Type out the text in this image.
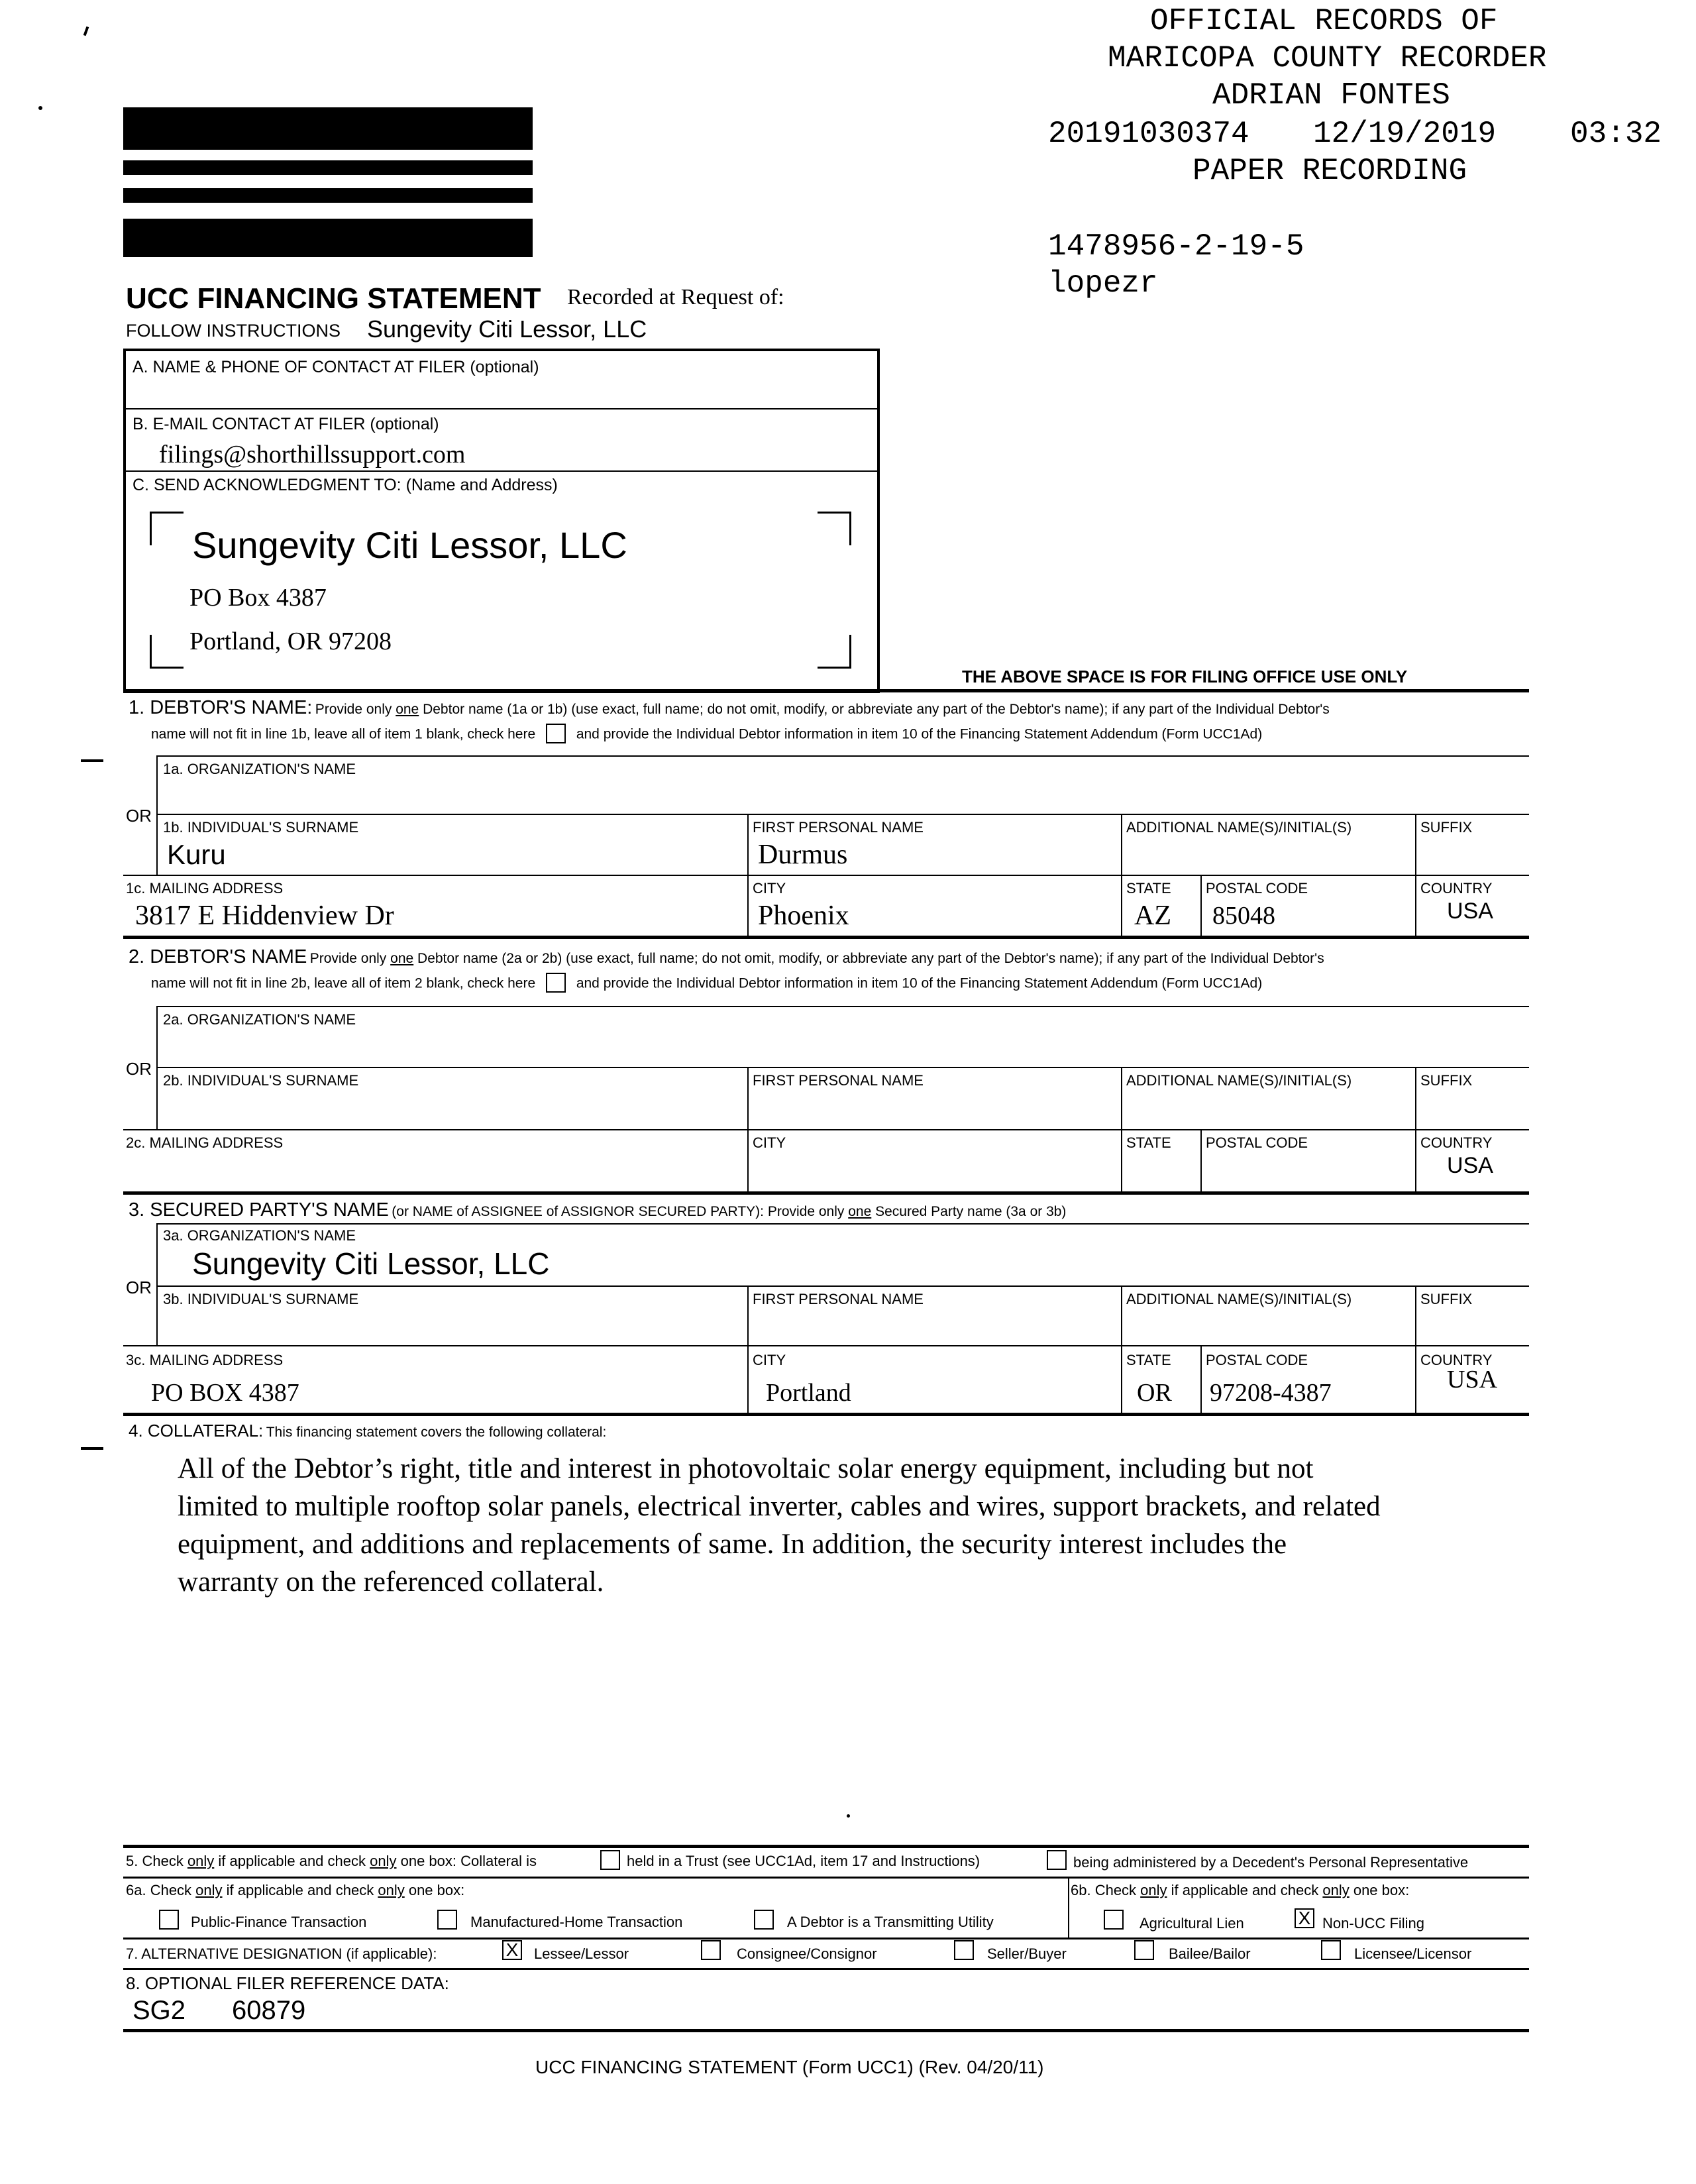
OFFICIAL RECORDS OF
MARICOPA COUNTY RECORDER
ADRIAN FONTES
20191030374 12/19/2019 03:32
PAPER RECORDING
1478956-2-19-5
lopezr
UCC FINANCING STATEMENT Recorded at Request of:
FOLLOW INSTRUCTIONS Sungevity Citi Lessor, LLC
A. NAME & PHONE OF CONTACT AT FILER (optional)
B. E-MAIL CONTACT AT FILER (optional)
filings@shorthillssupport.com
C. SEND ACKNOWLEDGMENT TO: (Name and Address)
Sungevity Citi Lessor, LLC
PO Box 4387
Portland, OR 97208
THE ABOVE SPACE IS FOR FILING OFFICE USE ONLY
1. DEBTOR'S NAME: Provide only one Debtor name (1a or 1b) (use exact, full name; do not omit, modify, or abbreviate any part of the Debtor's name); if any part of the Individual Debtor's
name will not fit in line 1b, leave all of item 1 blank, check here	and provide the Individual Debtor information in item 10 of the Financing Statement Addendum (Form UCC1Ad)
1a. ORGANIZATION'S NAME
OR
1b. INDIVIDUAL'S SURNAME
Kuru
FIRST PERSONAL NAME
Durmus
ADDITIONAL NAME(S)/INITIAL(S)	SUFFIX
1c. MAILING ADDRESS
3817 E Hiddenview Dr
CITY
Phoenix
STATE
AZ
POSTAL CODE
85048
COUNTRY
USA
2. DEBTOR'S NAME Provide only one Debtor name (2a or 2b) (use exact, full name; do not omit, modify, or abbreviate any part of the Debtor's name); if any part of the Individual Debtor's
name will not fit in line 2b, leave all of item 2 blank, check here	and provide the Individual Debtor information in item 10 of the Financing Statement Addendum (Form UCC1Ad)
2a. ORGANIZATION'S NAME
OR
2b. INDIVIDUAL'S SURNAME	FIRST PERSONAL NAME	ADDITIONAL NAME(S)/INITIAL(S)	SUFFIX
2c. MAILING ADDRESS	CITY	STATE POSTAL CODE	COUNTRY
USA
3. SECURED PARTY'S NAME (or NAME of ASSIGNEE of ASSIGNOR SECURED PARTY): Provide only one Secured Party name (3a or 3b)
3a. ORGANIZATION'S NAME
Sungevity Citi Lessor, LLC
OR
3b. INDIVIDUAL'S SURNAME	FIRST PERSONAL NAME	ADDITIONAL NAME(S)/INITIAL(S)	SUFFIX
3c. MAILING ADDRESS
PO BOX 4387
CITY
Portland
STATE
OR
POSTAL CODE
97208-4387
COUNTRY
USA
4. COLLATERAL: This financing statement covers the following collateral:
All of the Debtor’s right, title and interest in photovoltaic solar energy equipment, including but not
limited to multiple rooftop solar panels, electrical inverter, cables and wires, support brackets, and related
equipment, and additions and replacements of same. In addition, the security interest includes the
warranty on the referenced collateral.
5. Check only if applicable and check only one box: Collateral is	held in a Trust (see UCC1Ad, item 17 and Instructions)	being administered by a Decedent's Personal Representative
6a. Check only if applicable and check only one box:
Public-Finance Transaction	Manufactured-Home Transaction	A Debtor is a Transmitting Utility
6b. Check only if applicable and check only one box:
Agricultural Lien	X Non-UCC Filing
7. ALTERNATIVE DESIGNATION (if applicable):	X Lessee/Lessor	Consignee/Consignor	Seller/Buyer	Bailee/Bailor	Licensee/Licensor
8. OPTIONAL FILER REFERENCE DATA:
SG2 60879
UCC FINANCING STATEMENT (Form UCC1) (Rev. 04/20/11)
